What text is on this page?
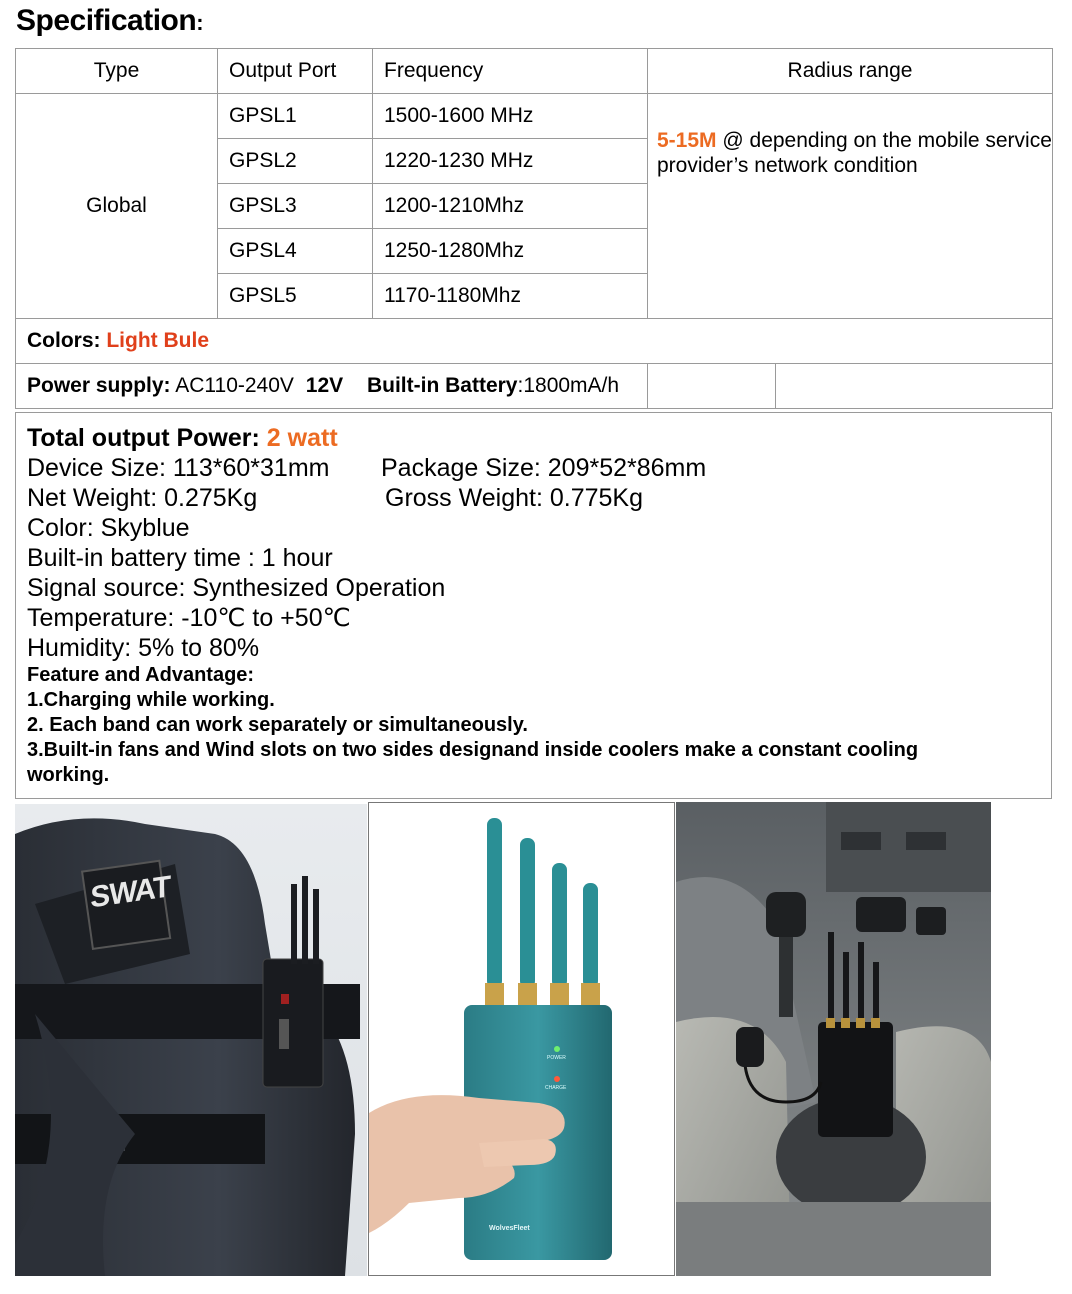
Specification:
Type	Output Port	Frequency	Radius range
Global	GPSL1	1500-1600 MHz	5-15M @ depending on the mobile service provider’s network condition
	GPSL2	1220-1230 MHz	
	GPSL3	1200-1210Mhz	
	GPSL4	1250-1280Mhz	
	GPSL5	1170-1180Mhz	
Colors: Light Bule			
Power supply: AC110-240V 12V Built-in Battery:1800mA/h			
Total output Power: 2 watt
Device Size: 113*60*31mm Package Size: 209*52*86mm
Net Weight: 0.275Kg	Gross Weight: 0.775Kg
Color: Skyblue
Built-in battery time : 1 hour
Signal source: Synthesized Operation
Temperature: -10℃ to +50℃
Humidity: 5% to 80%
Feature and Advantage:
1.Charging while working.
2. Each band can work separately or simultaneously.
3.Built-in fans and Wind slots on two sides designand inside coolers make a constant cooling
working.
SWAT
POWER
CHARGE
WolvesFleet
